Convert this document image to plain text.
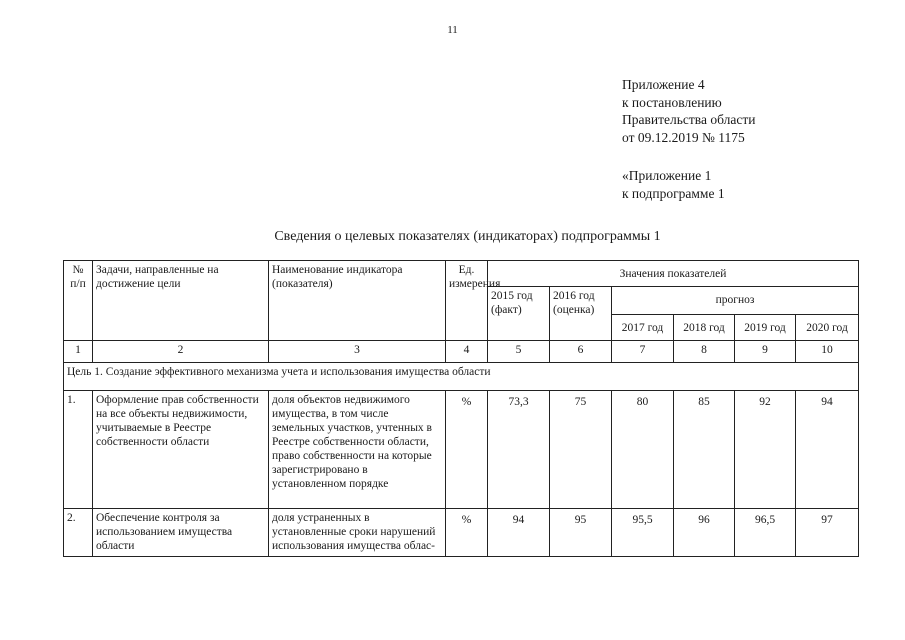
11
Приложение 4
к постановлению
Правительства области
от 09.12.2019 № 1175
«Приложение 1
к подпрограмме 1
Сведения о целевых показателях (индикаторах) подпрограммы 1
№ п/п	Задачи, направленные на достижение цели	Наименование индикатора (показателя)	Ед. измерения	Значения показателей					
				2015 год (факт)	2016 год (оценка)	прогноз			
						2017 год	2018 год	2019 год	2020 год
1	2	3	4	5	6	7	8	9	10
Цель 1. Создание эффективного механизма учета и использования имущества области									
1.	Оформление прав собственности на все объекты недвижимости, учитываемые в Реестре собственности области	доля объектов недвижимого имущества, в том числе земельных участков, учтенных в Реестре собственности области, право собственности на которые зарегистрировано в установленном порядке	%	73,3	75	80	85	92	94
2.	Обеспечение контроля за использованием имущества области	доля устраненных в установленные сроки нарушений использования имущества облас-	%	94	95	95,5	96	96,5	97
